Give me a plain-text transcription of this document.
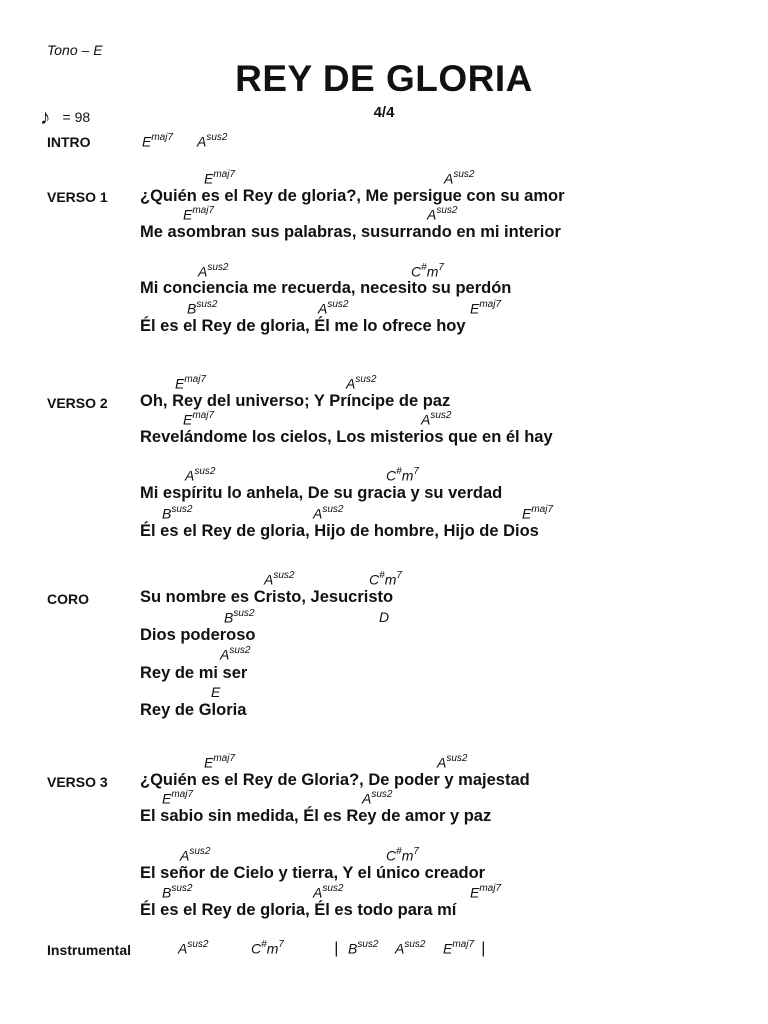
Tono – E
REY DE GLORIA
♪ = 98	4/4
INTRO	$E^{maj7}$ $A^{sus2}$
VERSO 1
$E^{maj7}$	$A^{sus2}$
¿Quién es el Rey de gloria?, Me persigue con su amor
$E^{maj7}$	$A^{sus2}$
Me asombran sus palabras, susurrando en mi interior
$A^{sus2}$	$C^{\#}m^7$
Mi conciencia me recuerda, necesito su perdón
$B^{sus2}$	$A^{sus2}$	$E^{maj7}$
Él es el Rey de gloria, Él me lo ofrece hoy
VERSO 2
$E^{maj7}$	$A^{sus2}$
Oh, Rey del universo; Y Príncipe de paz
$E^{maj7}$	$A^{sus2}$
Revelándome los cielos, Los misterios que en él hay
$A^{sus2}$	$C^{\#}m^7$
Mi espíritu lo anhela, De su gracia y su verdad
$B^{sus2}$	$A^{sus2}$	$E^{maj7}$
Él es el Rey de gloria, Hijo de hombre, Hijo de Dios
CORO
$A^{sus2}$	$C^{\#}m^7$
Su nombre es Cristo, Jesucristo
$B^{sus2}$	D
Dios poderoso
$A^{sus2}$
Rey de mi ser
E
Rey de Gloria
VERSO 3
$E^{maj7}$	$A^{sus2}$
¿Quién es el Rey de Gloria?, De poder y majestad
$E^{maj7}$	$A^{sus2}$
El sabio sin medida, Él es Rey de amor y paz
$A^{sus2}$	$C^{\#}m^7$
El señor de Cielo y tierra, Y el único creador
$B^{sus2}$	$A^{sus2}$	$E^{maj7}$
Él es el Rey de gloria, Él es todo para mí
Instrumental	$A^{sus2}$	$C^{\#}m^7$	| $B^{sus2}$ $A^{sus2}$ $E^{maj7}$ |
